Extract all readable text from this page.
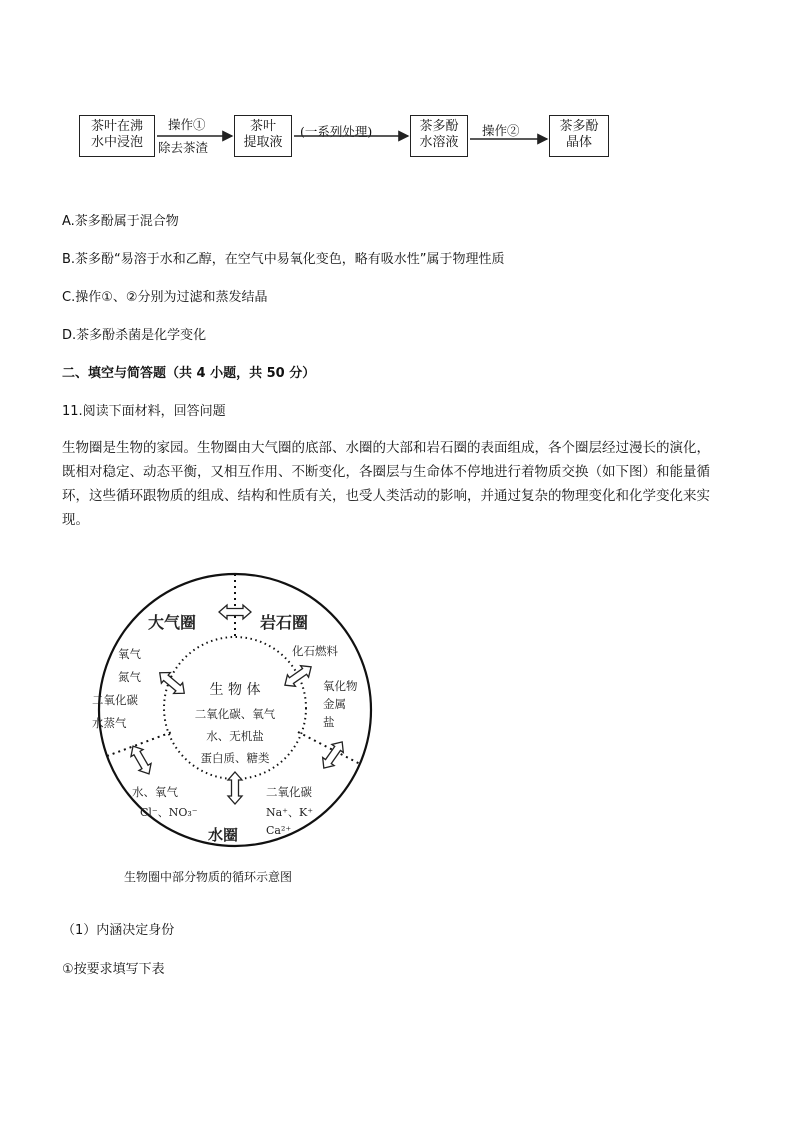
茶叶在沸
水中浸泡
操作①
除去茶渣
茶叶
提取液
(一系列处理)	茶多酚
水溶液
操作②	茶多酚
晶体
A.茶多酚属于混合物
B.茶多酚“易溶于水和乙醇，在空气中易氧化变色，略有吸水性”属于物理性质
C.操作①、②分别为过滤和蒸发结晶
D.茶多酚杀菌是化学变化
二、填空与简答题（共 4 小题，共 50 分）
11.阅读下面材料，回答问题
生物圈是生物的家园。生物圈由大气圈的底部、水圈的大部和岩石圈的表面组成，各个圈层经过漫长的演化，
既相对稳定、动态平衡，又相互作用、不断变化，各圈层与生命体不停地进行着物质交换（如下图）和能量循
环，这些循环跟物质的组成、结构和性质有关，也受人类活动的影响，并通过复杂的物理变化和化学变化来实
现。
大气圈	岩石圈
水圈
氧气
氮气
二氧化碳
水蒸气
化石燃料
氧化物
金属
盐
生 物 体
二氧化碳、氧气
水、无机盐
蛋白质、糖类
水、氧气
Cl⁻、NO₃⁻
二氧化碳
Na⁺、K⁺
Ca²⁺
生物圈中部分物质的循环示意图
（1）内涵决定身份
①按要求填写下表
